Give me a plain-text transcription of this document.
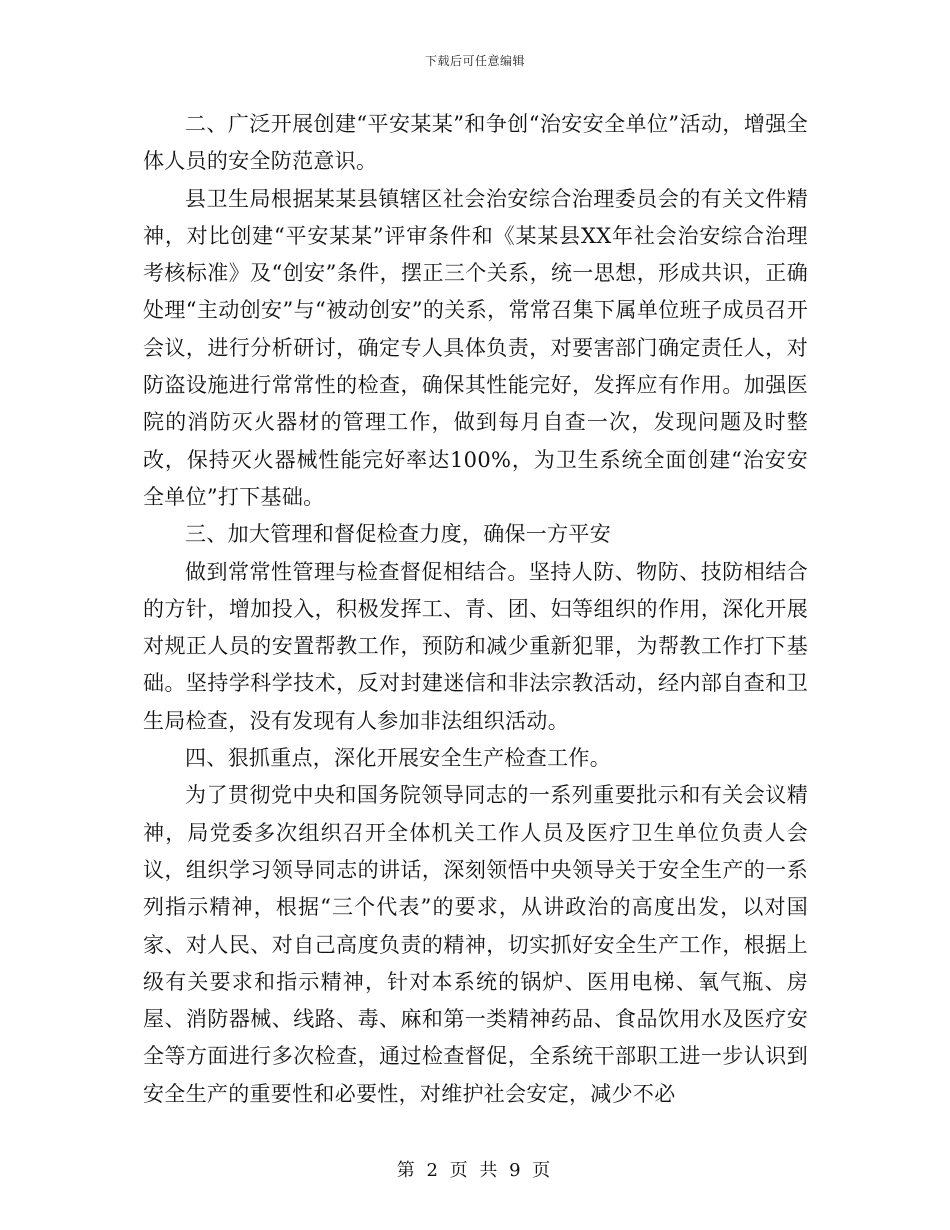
下载后可任意编辑

二、广泛开展创建“平安某某”和争创“治安安全单位”活动，增强全体人员的安全防范意识。

县卫生局根据某某县镇辖区社会治安综合治理委员会的有关文件精神，对比创建“平安某某”评审条件和《某某县XX年社会治安综合治理考核标准》及“创安”条件，摆正三个关系，统一思想，形成共识，正确处理“主动创安”与“被动创安”的关系，常常召集下属单位班子成员召开会议，进行分析研讨，确定专人具体负责，对要害部门确定责任人，对防盗设施进行常常性的检查，确保其性能完好，发挥应有作用。加强医院的消防灭火器材的管理工作，做到每月自查一次，发现问题及时整改，保持灭火器械性能完好率达100%，为卫生系统全面创建“治安安全单位”打下基础。

三、加大管理和督促检查力度，确保一方平安

做到常常性管理与检查督促相结合。坚持人防、物防、技防相结合的方针，增加投入，积极发挥工、青、团、妇等组织的作用，深化开展对规正人员的安置帮教工作，预防和减少重新犯罪，为帮教工作打下基础。坚持学科学技术，反对封建迷信和非法宗教活动，经内部自查和卫生局检查，没有发现有人参加非法组织活动。

四、狠抓重点，深化开展安全生产检查工作。

为了贯彻党中央和国务院领导同志的一系列重要批示和有关会议精神，局党委多次组织召开全体机关工作人员及医疗卫生单位负责人会议，组织学习领导同志的讲话，深刻领悟中央领导关于安全生产的一系列指示精神，根据“三个代表”的要求，从讲政治的高度出发，以对国家、对人民、对自己高度负责的精神，切实抓好安全生产工作，根据上级有关要求和指示精神，针对本系统的锅炉、医用电梯、氧气瓶、房屋、消防器械、线路、毒、麻和第一类精神药品、食品饮用水及医疗安全等方面进行多次检查，通过检查督促，全系统干部职工进一步认识到安全生产的重要性和必要性，对维护社会安定，减少不必

第 2 页 共 9 页
